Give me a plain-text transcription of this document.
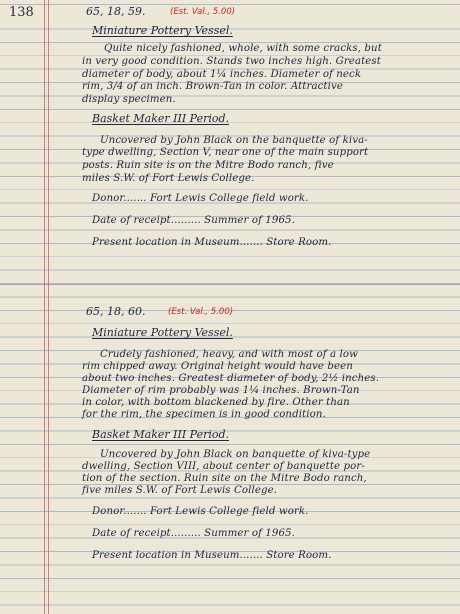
138	65, 18, 59.	(Est. Val., 5.00)
Miniature Pottery Vessel.
Quite nicely fashioned, whole, with some cracks, but
in very good condition. Stands two inches high. Greatest
diameter of body, about 1¼ inches. Diameter of neck
rim, 3/4 of an inch. Brown-Tan in color. Attractive
display specimen.
Basket Maker III Period.
Uncovered by John Black on the banquette of kiva-
type dwelling, Section V, near one of the main support
posts. Ruin site is on the Mitre Bodo ranch, five
miles S.W. of Fort Lewis College.
Donor....... Fort Lewis College field work.
Date of receipt......... Summer of 1965.
Present location in Museum....... Store Room.
65, 18, 60.	(Est. Val., 5.00)
Miniature Pottery Vessel.
Crudely fashioned, heavy, and with most of a low
rim chipped away. Original height would have been
about two inches. Greatest diameter of body, 2½ inches.
Diameter of rim probably was 1¼ inches. Brown-Tan
in color, with bottom blackened by fire. Other than
for the rim, the specimen is in good condition.
Basket Maker III Period.
Uncovered by John Black on banquette of kiva-type
dwelling, Section VIII, about center of banquette por-
tion of the section. Ruin site on the Mitre Bodo ranch,
five miles S.W. of Fort Lewis College.
Donor....... Fort Lewis College field work.
Date of receipt......... Summer of 1965.
Present location in Museum....... Store Room.
